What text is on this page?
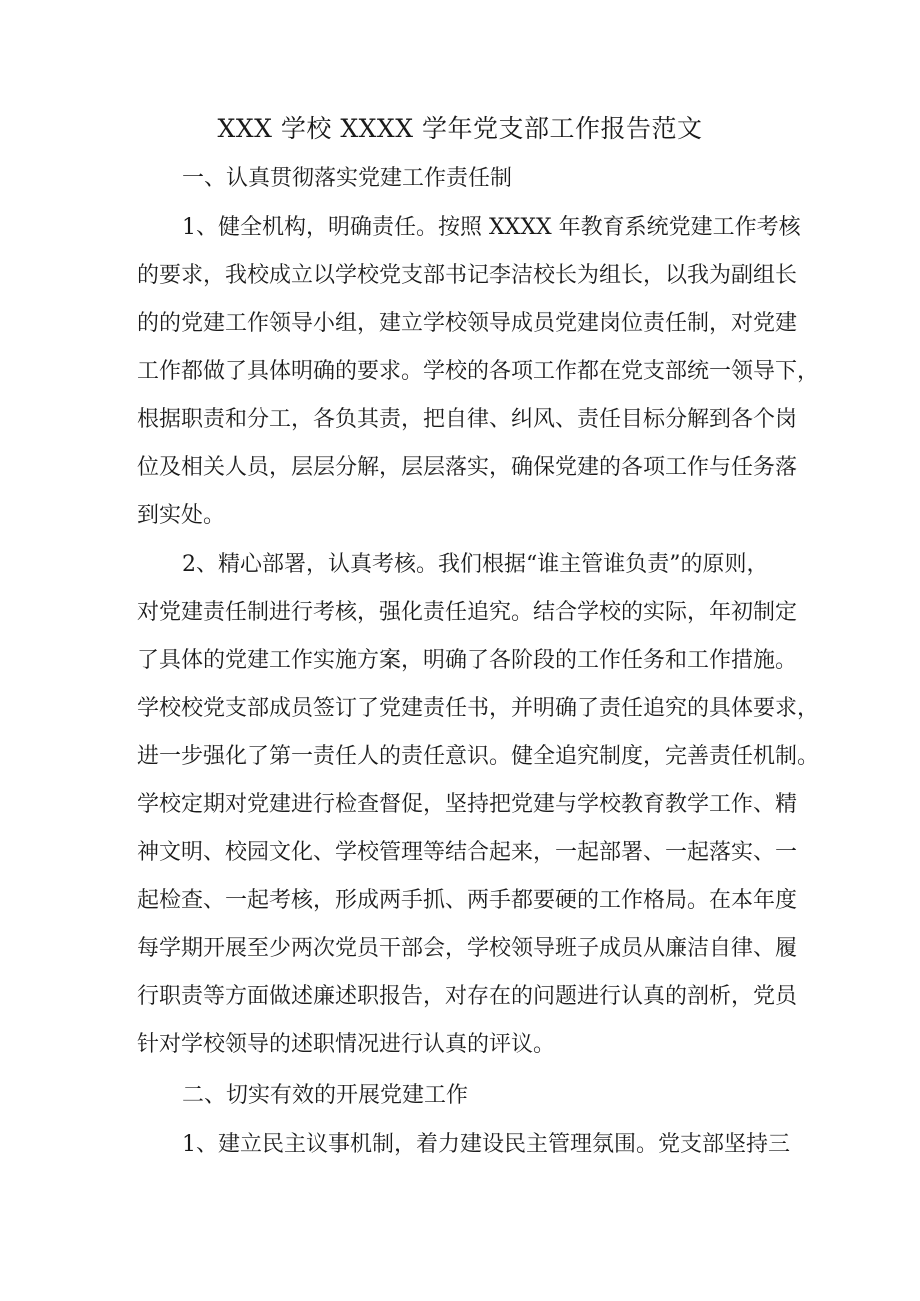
XXX 学校 XXXX 学年党支部工作报告范文
一、认真贯彻落实党建工作责任制
1、健全机构，明确责任。按照 XXXX 年教育系统党建工作考核
的要求，我校成立以学校党支部书记李洁校长为组长，以我为副组长
的的党建工作领导小组，建立学校领导成员党建岗位责任制，对党建
工作都做了具体明确的要求。学校的各项工作都在党支部统一领导下，
根据职责和分工，各负其责，把自律、纠风、责任目标分解到各个岗
位及相关人员，层层分解，层层落实，确保党建的各项工作与任务落
到实处。
2、精心部署，认真考核。我们根据“谁主管谁负责”的原则，
对党建责任制进行考核，强化责任追究。结合学校的实际，年初制定
了具体的党建工作实施方案，明确了各阶段的工作任务和工作措施。
学校校党支部成员签订了党建责任书，并明确了责任追究的具体要求，
进一步强化了第一责任人的责任意识。健全追究制度，完善责任机制。
学校定期对党建进行检查督促，坚持把党建与学校教育教学工作、精
神文明、校园文化、学校管理等结合起来，一起部署、一起落实、一
起检查、一起考核，形成两手抓、两手都要硬的工作格局。在本年度
每学期开展至少两次党员干部会，学校领导班子成员从廉洁自律、履
行职责等方面做述廉述职报告，对存在的问题进行认真的剖析，党员
针对学校领导的述职情况进行认真的评议。
二、切实有效的开展党建工作
1、建立民主议事机制，着力建设民主管理氛围。党支部坚持三
